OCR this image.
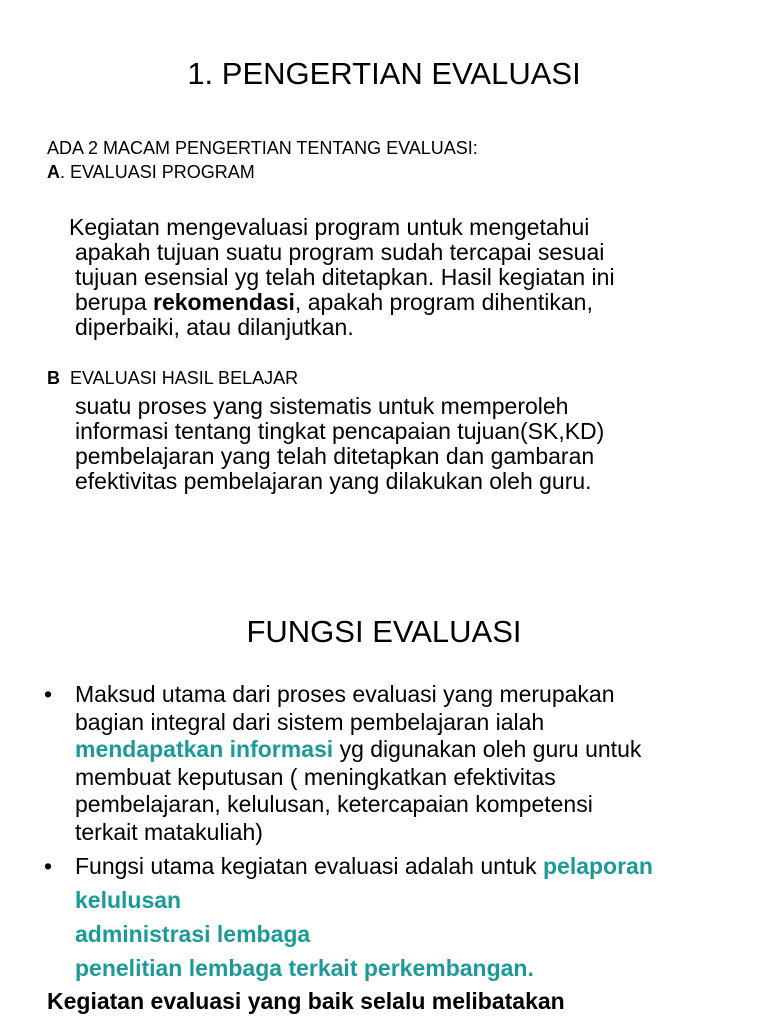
1. PENGERTIAN EVALUASI
ADA 2 MACAM PENGERTIAN TENTANG EVALUASI:
A. EVALUASI PROGRAM
Kegiatan mengevaluasi program untuk mengetahui
apakah tujuan suatu program sudah tercapai sesuai
tujuan esensial yg telah ditetapkan. Hasil kegiatan ini
berupa rekomendasi, apakah program dihentikan,
diperbaiki, atau dilanjutkan.
B EVALUASI HASIL BELAJAR
suatu proses yang sistematis untuk memperoleh
informasi tentang tingkat pencapaian tujuan(SK,KD)
pembelajaran yang telah ditetapkan dan gambaran
efektivitas pembelajaran yang dilakukan oleh guru.
FUNGSI EVALUASI
• Maksud utama dari proses evaluasi yang merupakan
bagian integral dari sistem pembelajaran ialah
mendapatkan informasi yg digunakan oleh guru untuk
membuat keputusan ( meningkatkan efektivitas
pembelajaran, kelulusan, ketercapaian kompetensi
terkait matakuliah)
• Fungsi utama kegiatan evaluasi adalah untuk pelaporan
kelulusan
administrasi lembaga
penelitian lembaga terkait perkembangan.
Kegiatan evaluasi yang baik selalu melibatakan
